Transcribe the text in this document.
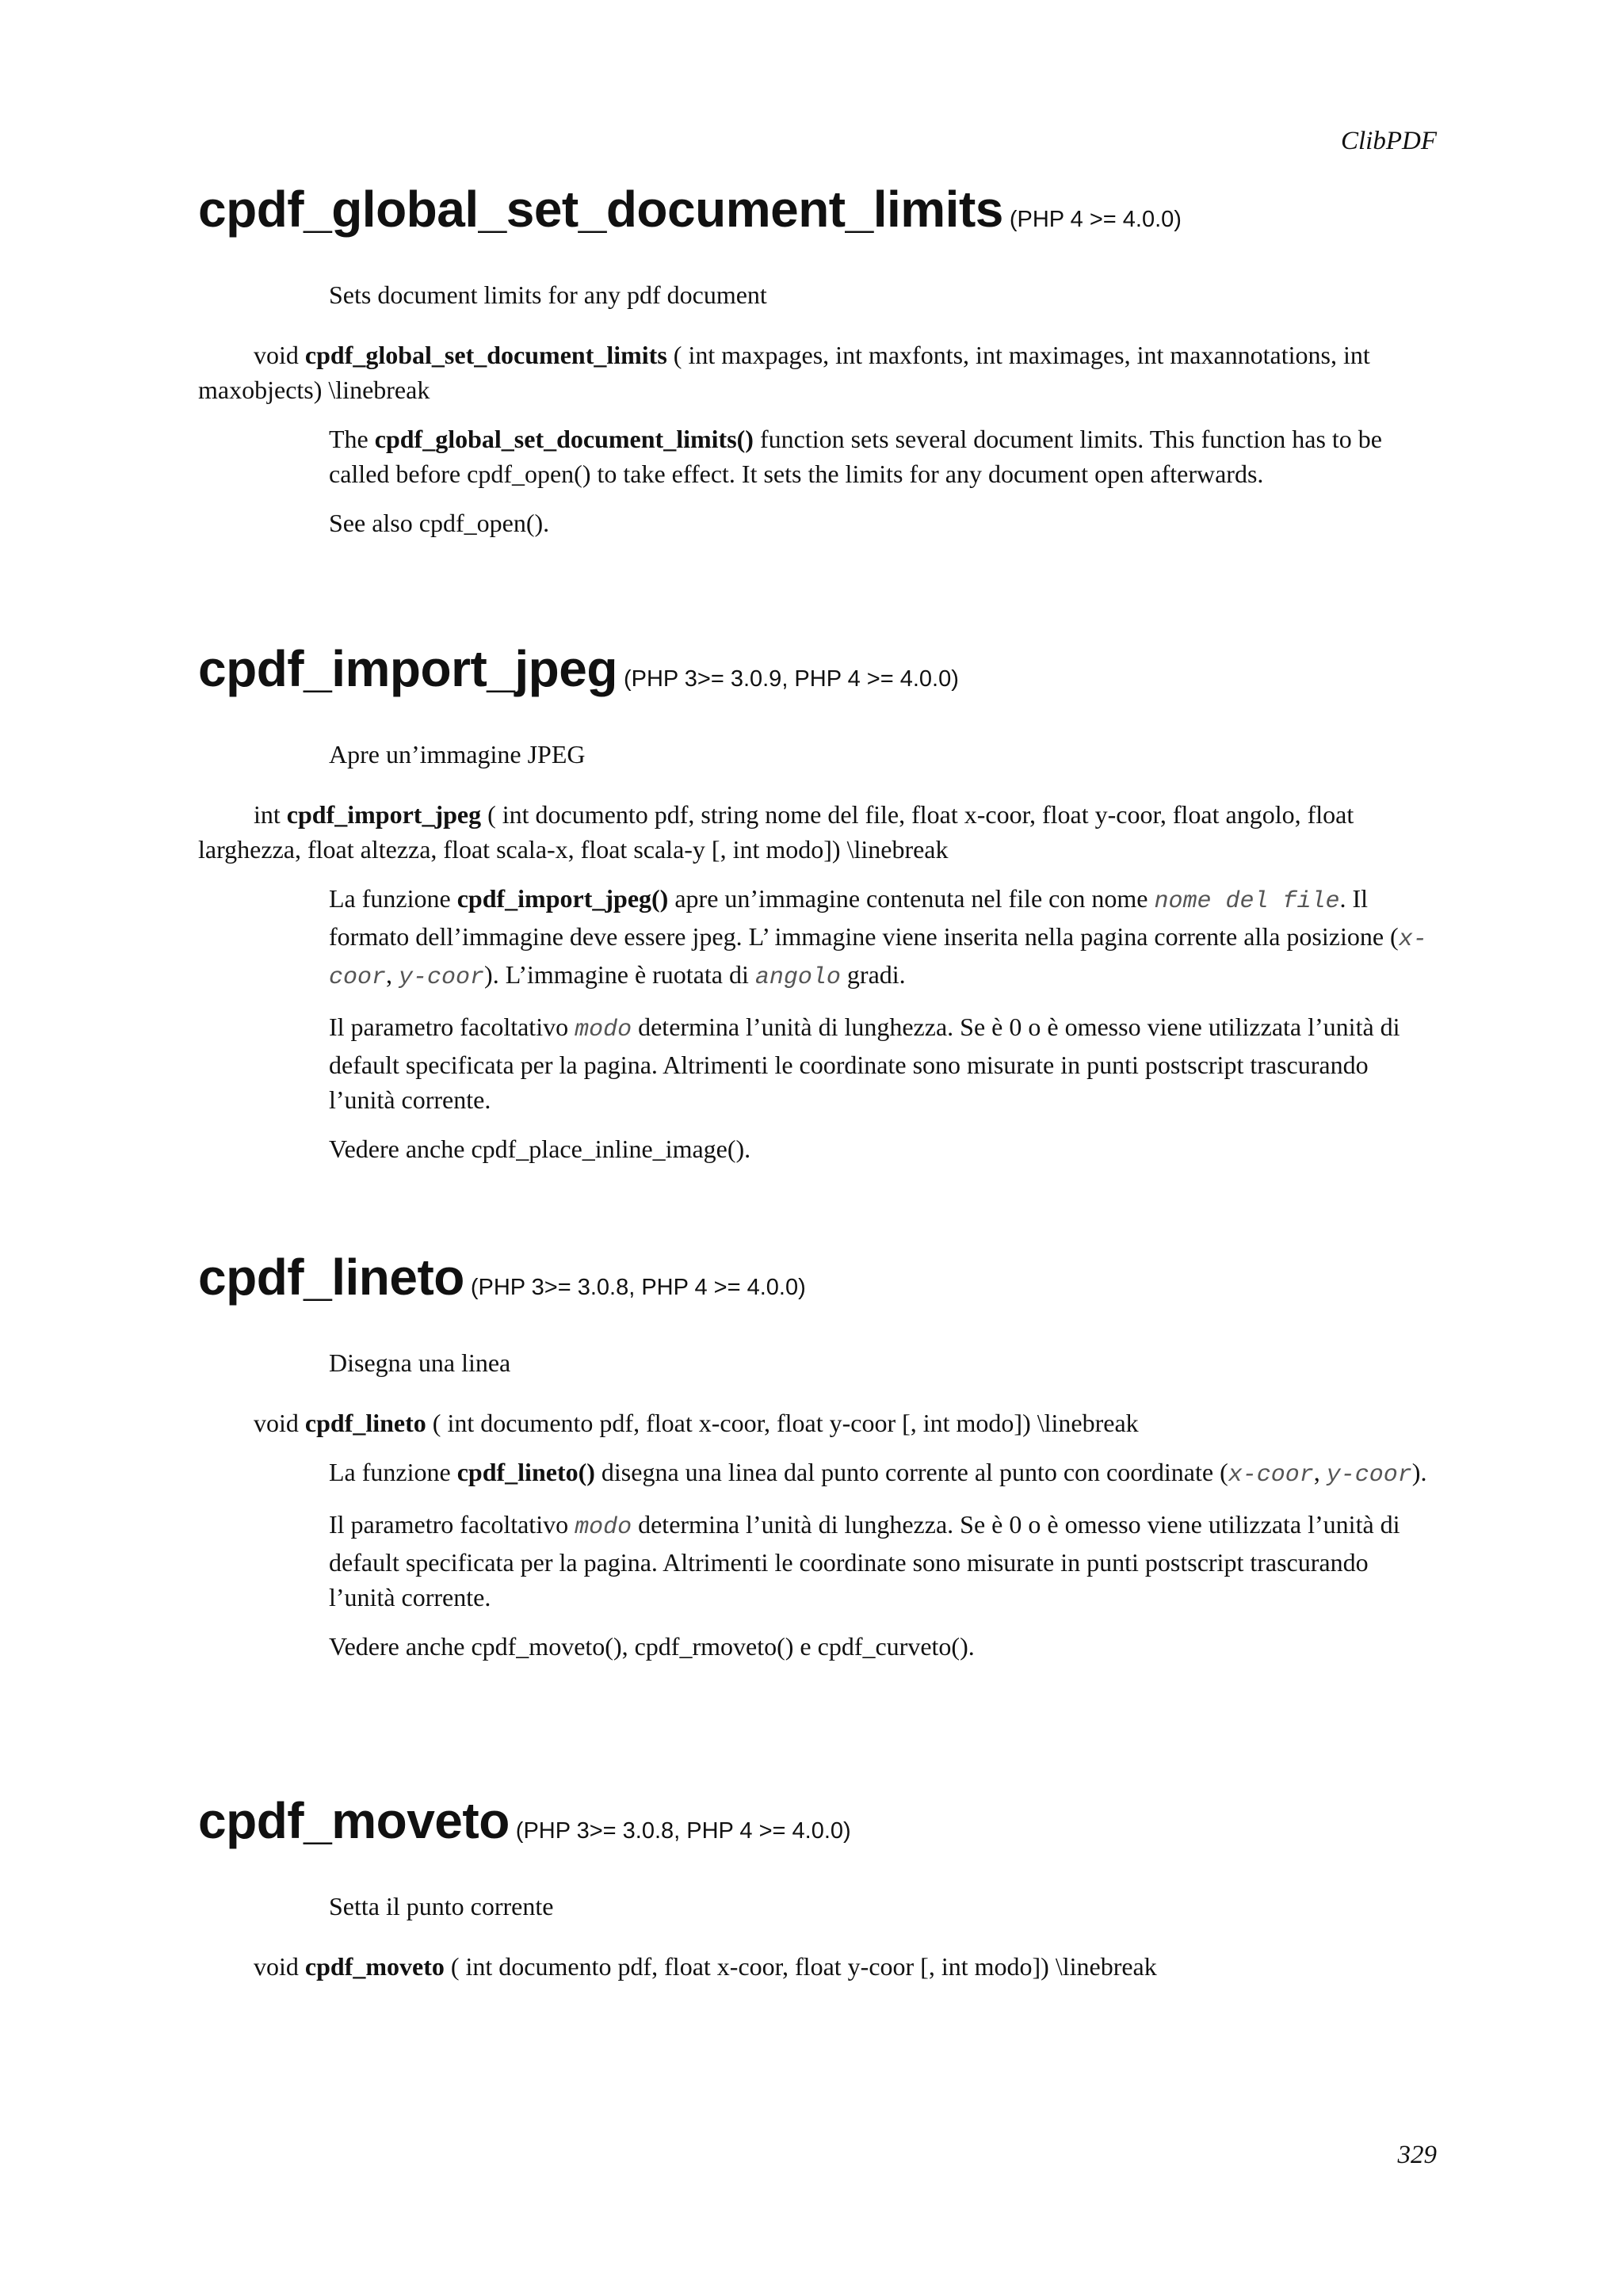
ClibPDF
cpdf_global_set_document_limits (PHP 4 >= 4.0.0)

Sets document limits for any pdf document

void cpdf_global_set_document_limits ( int maxpages, int maxfonts, int maximages, int maxannotations, int maxobjects) \linebreak

The cpdf_global_set_document_limits() function sets several document limits. This function has to be called before cpdf_open() to take effect. It sets the limits for any document open afterwards.

See also cpdf_open().

cpdf_import_jpeg (PHP 3>= 3.0.9, PHP 4 >= 4.0.0)

Apre un’immagine JPEG

int cpdf_import_jpeg ( int documento pdf, string nome del file, float x-coor, float y-coor, float angolo, float larghezza, float altezza, float scala-x, float scala-y [, int modo]) \linebreak

La funzione cpdf_import_jpeg() apre un’immagine contenuta nel file con nome nome del file. Il formato dell’immagine deve essere jpeg. L’ immagine viene inserita nella pagina corrente alla posizione (x-coor, y-coor). L’immagine è ruotata di angolo gradi.

Il parametro facoltativo modo determina l’unità di lunghezza. Se è 0 o è omesso viene utilizzata l’unità di default specificata per la pagina. Altrimenti le coordinate sono misurate in punti postscript trascurando l’unità corrente.

Vedere anche cpdf_place_inline_image().

cpdf_lineto (PHP 3>= 3.0.8, PHP 4 >= 4.0.0)

Disegna una linea

void cpdf_lineto ( int documento pdf, float x-coor, float y-coor [, int modo]) \linebreak

La funzione cpdf_lineto() disegna una linea dal punto corrente al punto con coordinate (x-coor, y-coor).

Il parametro facoltativo modo determina l’unità di lunghezza. Se è 0 o è omesso viene utilizzata l’unità di default specificata per la pagina. Altrimenti le coordinate sono misurate in punti postscript trascurando l’unità corrente.

Vedere anche cpdf_moveto(), cpdf_rmoveto() e cpdf_curveto().

cpdf_moveto (PHP 3>= 3.0.8, PHP 4 >= 4.0.0)

Setta il punto corrente

void cpdf_moveto ( int documento pdf, float x-coor, float y-coor [, int modo]) \linebreak

329
